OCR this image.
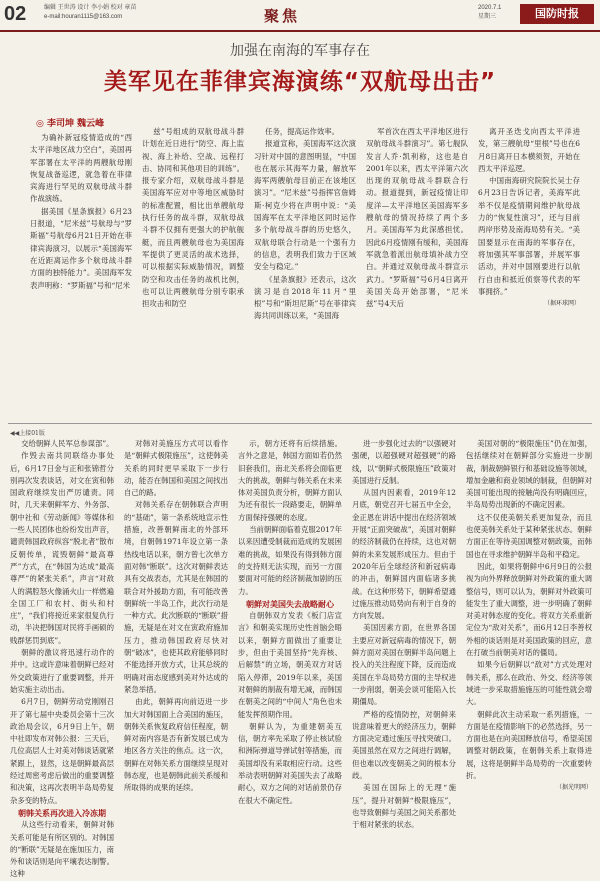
02	编辑 王世涛 设计 李小娟 校对 章苗
e-mail:houran1115@163.com	聚焦	2020.7.1
星期三	国防时报
加强在南海的军事存在
美军见在菲律宾海演练“双航母出击”
◎ 李司坤 魏云峰

为确补新冠疫情造成的“西太平洋地区战力空白”，美国再军部署在太平洋的两艘航母刚恢复战备巡逻，就急着在菲律宾海进行罕见的双航母战斗群作战演练。

据美国《星条旗报》6月23日报道，“尼米兹”号航母与“罗斯福”号航母6月21日开始在菲律宾海演习，以展示“美国海军在近距离运作多个航母战斗群方面的独特能力”。美国海军发表声明称：“罗斯福”号和“尼米

兹”号组成的双航母战斗群计划在近日进行“防空、海上监视、海上补给、空战、远程打击、协同和其他项目的训练”。报专家介绍，双航母战斗群是美国海军应对中等地区威胁时的标准配置，相比出单艘航母执行任务的战斗群，双航母战斗群不仅拥有更强大的护航舰艇，而且两艘航母也为美国海军提供了更灵活的战术选择，可以根据实际威胁情况，调整防空和攻击任务的战机比例，也可以让两艘航母分别专职承担攻击和防空

任务，提高运作效率。

报道宣称，美国海军这次演习针对中国的意图明显，“中国也在展示其海军力量，解放军海军两艘航母目前正在该地区演习”。“尼米兹”号指挥官詹姆斯·柯克少将在声明中说：“美国海军在太平洋地区同时运作多个航母战斗群的历史悠久，双航母联合行动是一个强有力的信息，表明我们致力于区域安全与稳定。”

《星条旗报》还表示，这次演习是自2018年11月“里根”号和“斯坦尼斯”号在菲律宾海共同训练以来，“美国海

军首次在西太平洋地区进行双航母战斗群演习”。第七舰队发言人乔·凯利称，这也是自2001年以来，西太平洋第六次出现的双航母战斗群联合行动。报道提到，新冠疫情让印度洋—太平洋地区美国海军多艘航母的情况持续了两个多月。美国海军为此深感担忧。因此6月疫情刚有缓和，美国海军就急着派出航母填补战力空白。并通过双航母战斗群宣示武力。“罗斯福”号6月4日离开美国关岛开始部署，“尼米兹”号4天后

离开圣迭戈向西太平洋进发，第三艘航母“里根”号也在6月8日离开日本横须贺，开始在西太平洋巡逻。

中国南海研究院院长吴士存6月23日告诉记者，美海军此举不仅是疫情期间维护航母战力的“恢复性演习”，还与目前两岸形势及南海局势有关。“美国要显示在南海的军事存在，将加强其军事部署，并展军事活动，并对中国刚要进行以航行自由和抵近侦察等代表的军事拥挤。”

（据环球网）
◀◀上接01版

交给朝鲜人民军总参谋部”。

作毁去南共同联络办事处后，6月17日金与正和张锦哲分别再次发表谈话，对文在寅和韩国政府继续发出严厉谴责。同时，几天来朝鲜军方、外务部、朝中社和《劳动新闻》等媒体和一些人民团体也纷纷发出声音，谴责韩国政府纵容“脱北者”散布反朝传单，谎毁朝鲜“最高尊严”方式，在“韩国为达成“最高尊严”的紧张关系”，声言“对敌人的满腔怒火像涌火山一样燃遍全国工厂和农村、街头和村庄”，“我们将接近来家很复仇行动，半决把韩国对民将手画硕的贱群惩罚到底”。

朝鲜的激议将迅速行动作的并中。这或许意味着朝鲜已经对外交政策进行了重要调整，并开始实施主动出击。

6月7日，朝鲜劳动党刚刚召开了第七届中央委员会第十三次政治局会议，6月9日上午，朝中社即发布对韩公报：三天后，几位高层人士对美对韩谈话就紧紧跟上，显然，这是朝鲜最高层经过周密考虑后做出的重要调整和决策，这再次表明半岛局势复杂多变的特点。

朝韩关系再次进入冷冻期

从这些行动看来，朝鲜对韩关系可能是有所区别的。对韩国的“断联”无疑是在施加压力，南外和谈话则是向平壤表达制警。这种

对韩对美施压方式可以看作是“朝鲜式极限施压”，这使韩美关系的同时更早采取下一步行动，能否在韩国和美国之间找出自己的路。

对韩关系存在朝韩联合声明的“基础”，第一条系统地宣示性措施，改善朝鲜南北的外部环境，自朝韩1971年设立第一条热线电话以来，朝方曾七次单方面对韩“断联”。这次对朝鲜表达具有交战表态，尤其是在韩国的联合对外援助方面，有可能改善朝鲜统一半岛工作，此次行动是一种方式。此次断联的“断联”措施，无疑是在对文在寅政府施加压力，推动韩国政府尽快对朝“破冰”，也使其政府能够同时不能选择开放方式，让其总统的明确对南态度感到美对外达成的紧急举措。

由此，朝鲜再向前迈进一步加大对韩国面上合美国的施压，朝韩关系恢复政府信任程度，朝鲜对南内容是否有新发展已成为地区各方关注的焦点。这一次，朝鲜在对韩关系方面继续呈现对韩态度，也是朝韩此前关系缓和所取得的成果的延续。

示，朝方还将有后续措施。言外之意是，韩国方面如若仍然旧套我们，南北关系将会面临更大的挑战，朝鲜与韩关系在未来体对美国负责分析，朝鲜方面认为还有很长一段路要走，朝鲜单方面保持强硬的态度。

当前朝鲜面临着克服2017年以来因遭受制裁而造成的发展困难的挑战，如果没有得到韩方面的支持则无法实现，而另一方面要面对可能的经济制裁加剧的压力。

朝鲜对美国失去战略耐心

自朝韩双方发表《板门店宣言》和朝美实现历史性首脑会晤以来，朝鲜方面做出了重要让步，但由于美国坚持“先弃核、后解禁”的立场，朝美双方对话陷入停滞，2019年以来，美国对朝鲜的制裁有增无减，而韩国在朝美之间的“中间人”角色也未能发挥预期作用。

朝鲜认为，为重建朝美互信，朝方率先采取了停止核试验和洲际弹道导弹试射等措施，而美国却没有采取相应行动。这些举动表明朝鲜对美国失去了战略耐心，双方之间的对话前景仍存在很大不确定性。

进一步强化过去的“以强硬对强硬，以超强硬对超强硬”的路线，以“朝鲜式极限施压”政策对美国进行反制。

从国内因素看，2019年12月底，朝党召开七届五中全会，金正恩在讲话中提出在经济领域开展“正面突破战”，美国对朝鲜的经济制裁仍在持续，这也对朝鲜的未来发展形成压力。但由于2020年后全球经济和新冠病毒的冲击，朝鲜国内面临诸多挑战。在这种形势下，朝鲜希望通过施压推动局势向有利于自身的方向发展。

美国因素方面，在世界各国主要应对新冠病毒的情况下，朝鲜方面对美国在朝鲜半岛问题上投入的关注程度下降，反而造成美国在半岛局势方面的主导权进一步削弱，朝美会谈可能陷入长期僵局。

严格的疫情防控，对朝鲜来说意味着更大的经济压力，朝鲜方面决定通过施压寻找突破口。美国虽然在双方之间进行调解，但也难以改变朝美之间的根本分歧。

美国在国际上的无理“施压”，提升对朝鲜“极限施压”，也导致朝鲜与美国之间关系都处于相对紧张的状态。

美国对朝的“极限施压”仍在加强，包括继续对在朝鲜部分实施进一步制裁，制裁朝鲜银行和基础设施等领域，增加金融和商业领域的制裁，但朝鲜对美国可能出现的接触尚没有明确回应，半岛局势出现新的不确定因素。

这不仅使美朝关系更加复杂，而且也使美韩关系处于某种紧张状态。朝鲜方面正在等待美国调整对朝政策，而韩国也在寻求维护朝鲜半岛和平稳定。

因此，如果将朝鲜中6月9日的公报视为向外界释放朝鲜对外政策的重大调整信号，则可以认为，朝鲜对外政策可能发生了重大调整，进一步明确了朝鲜对美对韩态度的变化。将双方关系重新定位为“敌对关系”，而6月12日李善权外相的谈话则是对美国政策的回应，意在打破当前朝美对话的僵局。

如果今后朝鲜以“敌对”方式处理对韩关系，那么在政治、外交、经济等领域进一步采取措施施压的可能性就会增大。

朝鲜此次主动采取一系列措施，一方面是在疫情影响下的必然选择，另一方面也是在向美国释放信号，希望美国调整对朝政策，在朝韩关系上取得进展，这将是朝鲜半岛局势的一次重要转折。

（据光明网）
